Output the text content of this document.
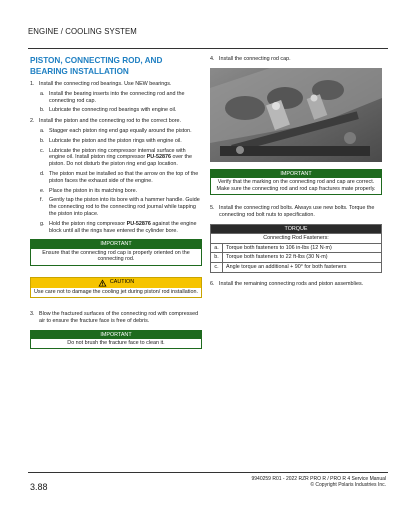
ENGINE / COOLING SYSTEM
PISTON, CONNECTING ROD, AND BEARING INSTALLATION
1. Install the connecting rod bearings. Use NEW bearings.
a. Install the bearing inserts into the connecting rod and the connecting rod cap.
b. Lubricate the connecting rod bearings with engine oil.
2. Install the piston and the connecting rod to the correct bore.
a. Stagger each piston ring end gap equally around the piston.
b. Lubricate the piston and the piston rings with engine oil.
c. Lubricate the piston ring compressor internal surface with engine oil. Install piston ring compressor PU-52876 over the piston. Do not disturb the piston ring end gap location.
d. The piston must be installed so that the arrow on the top of the piston faces the exhaust side of the engine.
e. Place the piston in its matching bore.
f.	Gently tap the piston into its bore with a hammer handle. Guide the connecting rod to the connecting rod journal while tapping the piston into place.
g. Hold the piston ring compressor PU-52876 against the engine block until all the rings have entered the cylinder bore.
IMPORTANT
Ensure that the connecting rod cap is properly oriented on the connecting rod.
CAUTION
Use care not to damage the cooling jet during piston/ rod installation.
3. Blow the fractured surfaces of the connecting rod with compressed air to ensure the fracture face is free of debris.
IMPORTANT
Do not brush the fracture face to clean it.
4. Install the connecting rod cap.
IMPORTANT
Verify that the marking on the connecting rod and cap are correct. Make sure the connecting rod and rod cap fractures mate properly.
5. Install the connecting rod bolts. Always use new bolts. Torque the connecting rod bolt nuts to specification.
TORQUE	
Connecting Rod Fasteners:	
a.	Torque both fasteners to 106 in-lbs (12 N·m)
b.	Torque both fasteners to 22 ft-lbs (30 N·m)
c.	Angle torque an additional + 90° for both fasteners
6. Install the remaining connecting rods and piston assemblies.
3.88
9940259 R01 - 2022 RZR PRO R / PRO R 4 Service Manual
© Copyright Polaris Industries Inc.
